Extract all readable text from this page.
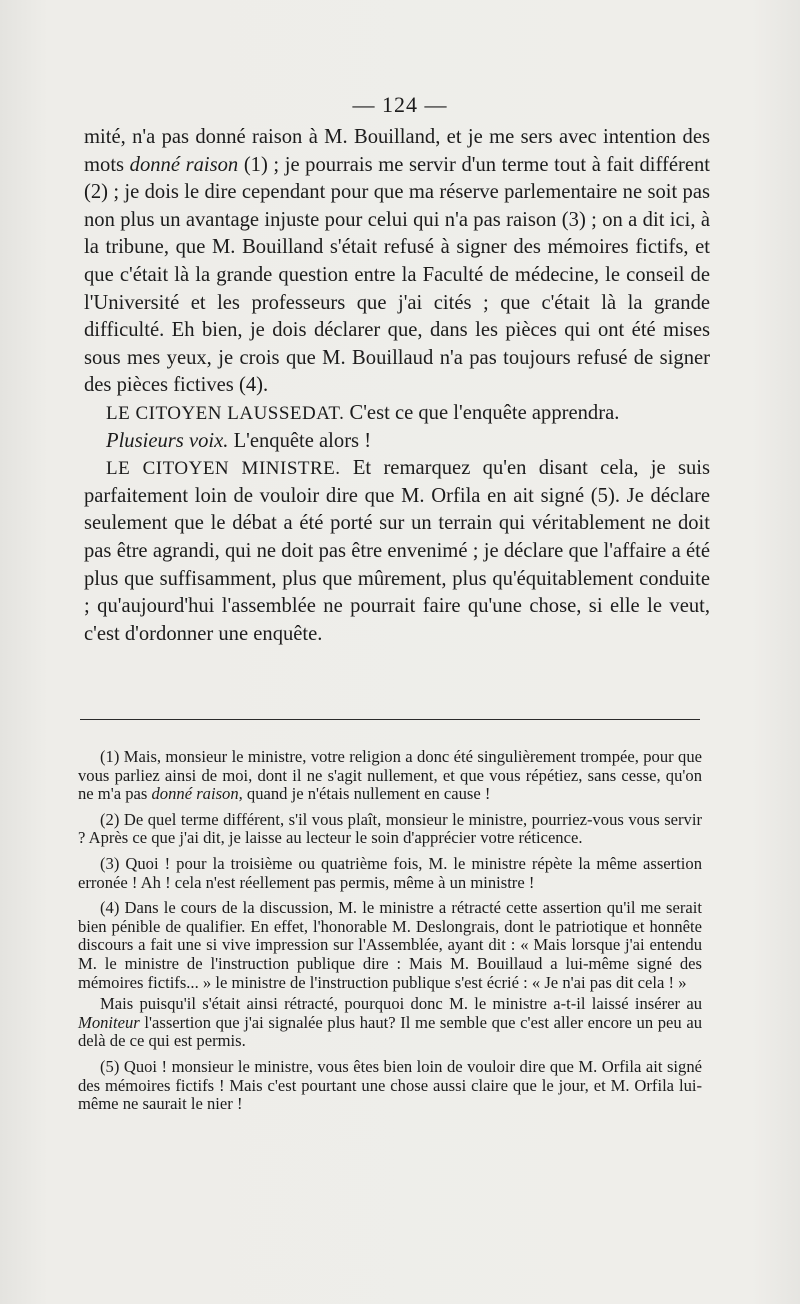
— 124 —

mité, n'a pas donné raison à M. Bouilland, et je me sers avec intention des mots donné raison (1) ; je pourrais me servir d'un terme tout à fait différent (2) ; je dois le dire cependant pour que ma réserve parlementaire ne soit pas non plus un avantage injuste pour celui qui n'a pas raison (3) ; on a dit ici, à la tribune, que M. Bouilland s'était refusé à signer des mémoires fictifs, et que c'était là la grande question entre la Faculté de médecine, le conseil de l'Université et les professeurs que j'ai cités ; que c'était là la grande difficulté. Eh bien, je dois déclarer que, dans les pièces qui ont été mises sous mes yeux, je crois que M. Bouillaud n'a pas toujours refusé de signer des pièces fictives (4).

LE CITOYEN LAUSSEDAT. C'est ce que l'enquête apprendra.

Plusieurs voix. L'enquête alors !

LE CITOYEN MINISTRE. Et remarquez qu'en disant cela, je suis parfaitement loin de vouloir dire que M. Orfila en ait signé (5). Je déclare seulement que le débat a été porté sur un terrain qui véritablement ne doit pas être agrandi, qui ne doit pas être envenimé ; je déclare que l'affaire a été plus que suffisamment, plus que mûrement, plus qu'équitablement conduite ; qu'aujourd'hui l'assemblée ne pourrait faire qu'une chose, si elle le veut, c'est d'ordonner une enquête.

(1) Mais, monsieur le ministre, votre religion a donc été singulièrement trompée, pour que vous parliez ainsi de moi, dont il ne s'agit nullement, et que vous répétiez, sans cesse, qu'on ne m'a pas donné raison, quand je n'étais nullement en cause !

(2) De quel terme différent, s'il vous plaît, monsieur le ministre, pourriez-vous vous servir ? Après ce que j'ai dit, je laisse au lecteur le soin d'apprécier votre réticence.

(3) Quoi ! pour la troisième ou quatrième fois, M. le ministre répète la même assertion erronée ! Ah ! cela n'est réellement pas permis, même à un ministre !

(4) Dans le cours de la discussion, M. le ministre a rétracté cette assertion qu'il me serait bien pénible de qualifier. En effet, l'honorable M. Deslongrais, dont le patriotique et honnête discours a fait une si vive impression sur l'Assemblée, ayant dit : « Mais lorsque j'ai entendu M. le ministre de l'instruction publique dire : Mais M. Bouillaud a lui-même signé des mémoires fictifs... » le ministre de l'instruction publique s'est écrié : « Je n'ai pas dit cela ! »

Mais puisqu'il s'était ainsi rétracté, pourquoi donc M. le ministre a-t-il laissé insérer au Moniteur l'assertion que j'ai signalée plus haut? Il me semble que c'est aller encore un peu au delà de ce qui est permis.

(5) Quoi ! monsieur le ministre, vous êtes bien loin de vouloir dire que M. Orfila ait signé des mémoires fictifs ! Mais c'est pourtant une chose aussi claire que le jour, et M. Orfila lui-même ne saurait le nier !
